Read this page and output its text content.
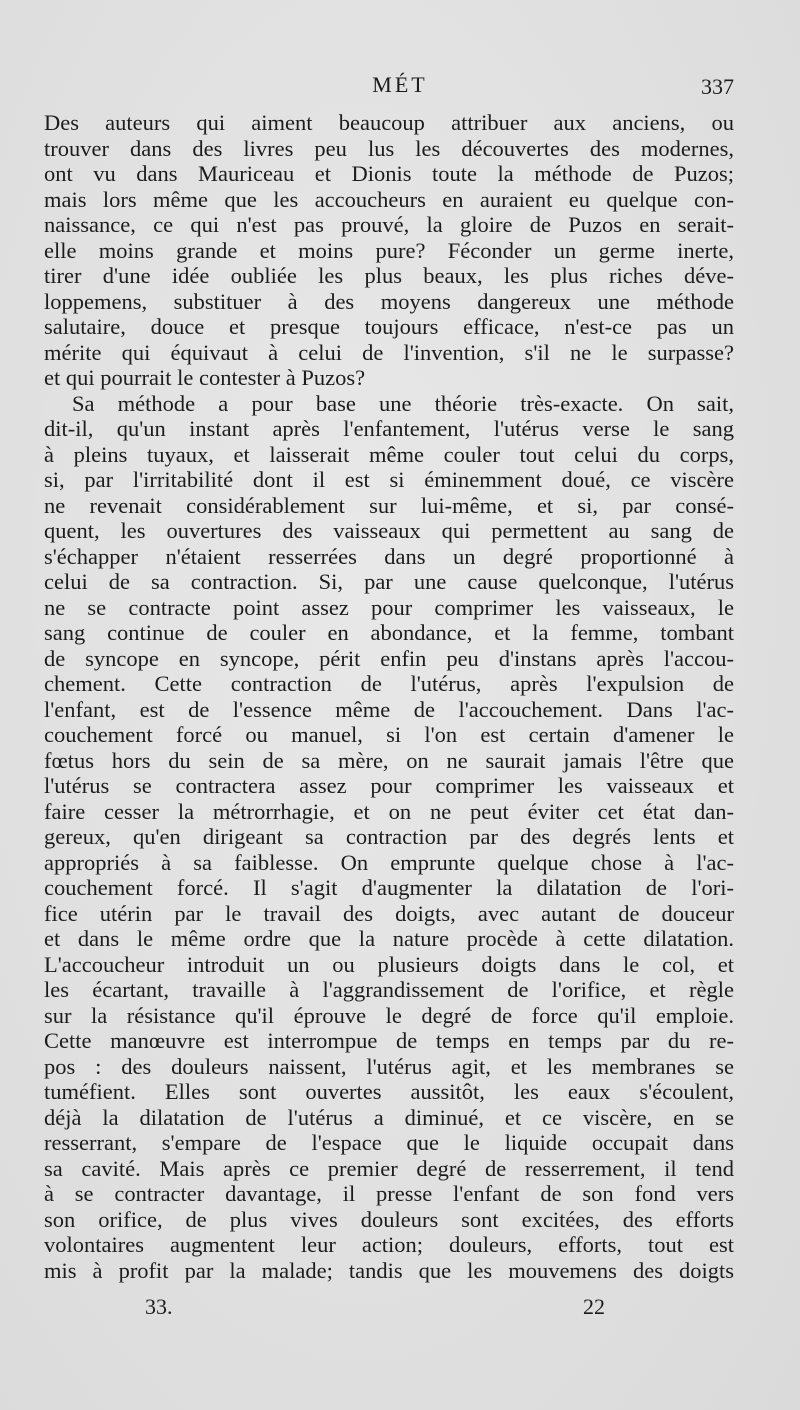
MÉT	337
Des auteurs qui aiment beaucoup attribuer aux anciens, ou
trouver dans des livres peu lus les découvertes des modernes,
ont vu dans Mauriceau et Dionis toute la méthode de Puzos;
mais lors même que les accoucheurs en auraient eu quelque con-
naissance, ce qui n'est pas prouvé, la gloire de Puzos en serait-
elle moins grande et moins pure? Féconder un germe inerte,
tirer d'une idée oubliée les plus beaux, les plus riches déve-
loppemens, substituer à des moyens dangereux une méthode
salutaire, douce et presque toujours efficace, n'est-ce pas un
mérite qui équivaut à celui de l'invention, s'il ne le surpasse?
et qui pourrait le contester à Puzos?
Sa méthode a pour base une théorie très-exacte. On sait,
dit-il, qu'un instant après l'enfantement, l'utérus verse le sang
à pleins tuyaux, et laisserait même couler tout celui du corps,
si, par l'irritabilité dont il est si éminemment doué, ce viscère
ne revenait considérablement sur lui-même, et si, par consé-
quent, les ouvertures des vaisseaux qui permettent au sang de
s'échapper n'étaient resserrées dans un degré proportionné à
celui de sa contraction. Si, par une cause quelconque, l'utérus
ne se contracte point assez pour comprimer les vaisseaux, le
sang continue de couler en abondance, et la femme, tombant
de syncope en syncope, périt enfin peu d'instans après l'accou-
chement. Cette contraction de l'utérus, après l'expulsion de
l'enfant, est de l'essence même de l'accouchement. Dans l'ac-
couchement forcé ou manuel, si l'on est certain d'amener le
fœtus hors du sein de sa mère, on ne saurait jamais l'être que
l'utérus se contractera assez pour comprimer les vaisseaux et
faire cesser la métrorrhagie, et on ne peut éviter cet état dan-
gereux, qu'en dirigeant sa contraction par des degrés lents et
appropriés à sa faiblesse. On emprunte quelque chose à l'ac-
couchement forcé. Il s'agit d'augmenter la dilatation de l'ori-
fice utérin par le travail des doigts, avec autant de douceur
et dans le même ordre que la nature procède à cette dilatation.
L'accoucheur introduit un ou plusieurs doigts dans le col, et
les écartant, travaille à l'aggrandissement de l'orifice, et règle
sur la résistance qu'il éprouve le degré de force qu'il emploie.
Cette manœuvre est interrompue de temps en temps par du re-
pos : des douleurs naissent, l'utérus agit, et les membranes se
tuméfient. Elles sont ouvertes aussitôt, les eaux s'écoulent,
déjà la dilatation de l'utérus a diminué, et ce viscère, en se
resserrant, s'empare de l'espace que le liquide occupait dans
sa cavité. Mais après ce premier degré de resserrement, il tend
à se contracter davantage, il presse l'enfant de son fond vers
son orifice, de plus vives douleurs sont excitées, des efforts
volontaires augmentent leur action; douleurs, efforts, tout est
mis à profit par la malade; tandis que les mouvemens des doigts
33.	22
